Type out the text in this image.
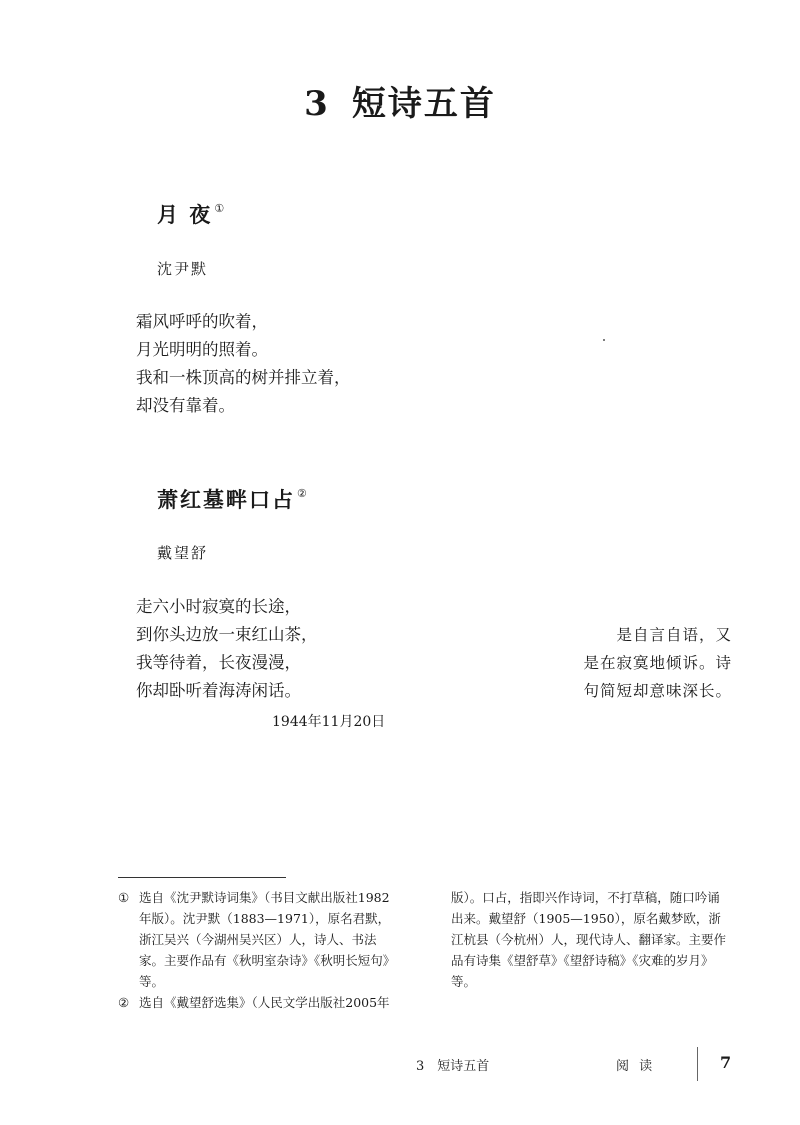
3 短诗五首
月 夜 ①
沈尹默
霜风呼呼的吹着，
月光明明的照着。
我和一株顶高的树并排立着，
却没有靠着。
萧红墓畔口占 ②
戴望舒
走六小时寂寞的长途，
到你头边放一束红山茶，
我等待着，长夜漫漫，
你却卧听着海涛闲话。
1944年11月20日
是自言自语，又
是在寂寞地倾诉。诗
句简短却意味深长。
① 选自《沈尹默诗词集》（书目文献出版社1982年版）。沈尹默（1883—1971），原名君默，浙江吴兴（今湖州吴兴区）人，诗人、书法家。主要作品有《秋明室杂诗》《秋明长短句》等。
② 选自《戴望舒选集》（人民文学出版社2005年
版）。口占，指即兴作诗词，不打草稿，随口吟诵出来。戴望舒（1905—1950），原名戴梦欧，浙江杭县（今杭州）人，现代诗人、翻译家。主要作品有诗集《望舒草》《望舒诗稿》《灾难的岁月》等。
3　短诗五首	阅 读	7
